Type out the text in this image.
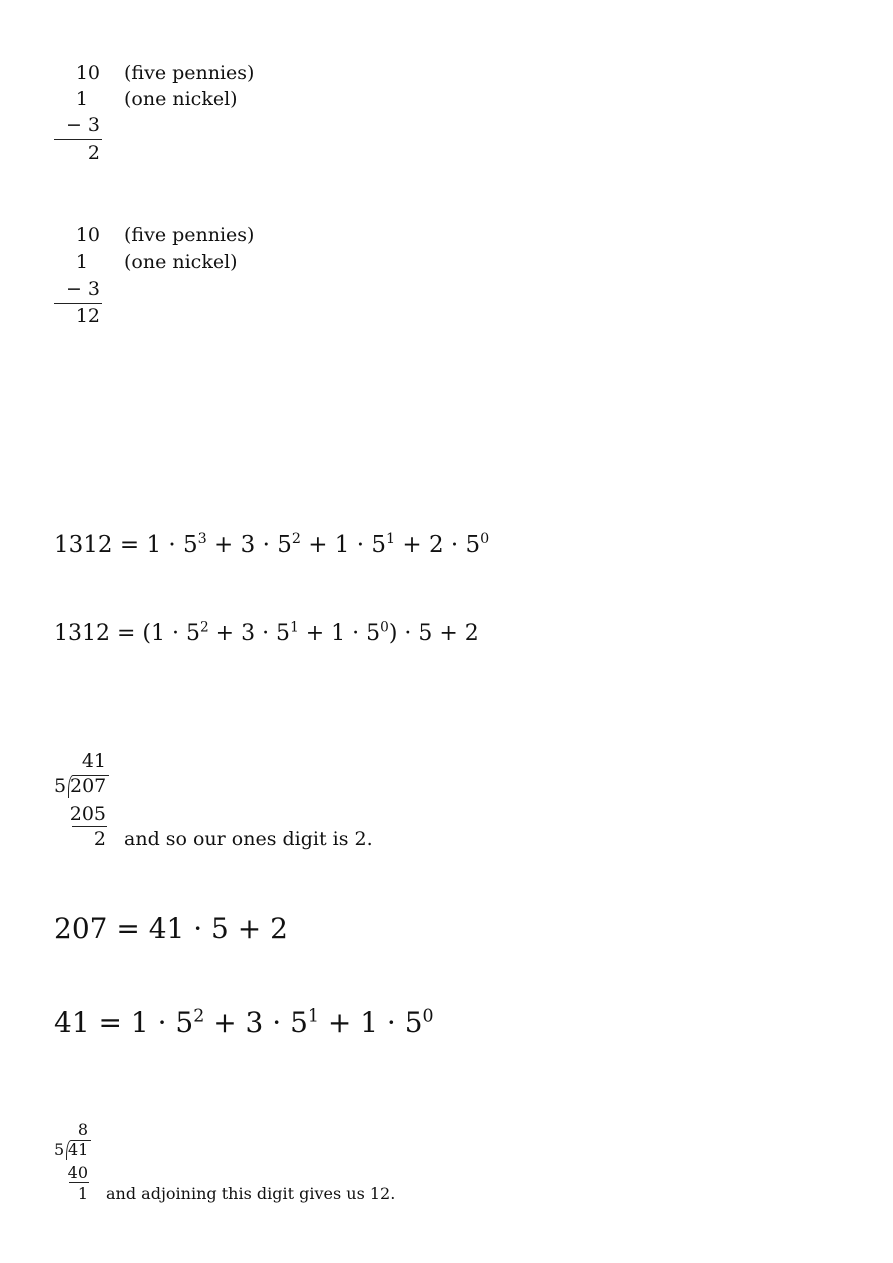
10 (five pennies)
1 (one nickel)
− 3
2
10 (five pennies)
1 (one nickel)
− 3
12
$1312 = 1 \cdot 5^3 + 3 \cdot 5^2 + 1 \cdot 5^1 + 2 \cdot 5^0$
$1312 = (1 \cdot 5^2 + 3 \cdot 5^1 + 1 \cdot 5^0) \cdot 5 + 2$
41
5 207
205
2 and so our ones digit is 2.
207 = 41 · 5 + 2
$41 = 1 \cdot 5^2 + 3 \cdot 5^1 + 1 \cdot 5^0$
8
5 41
40
1 and adjoining this digit gives us 12.
